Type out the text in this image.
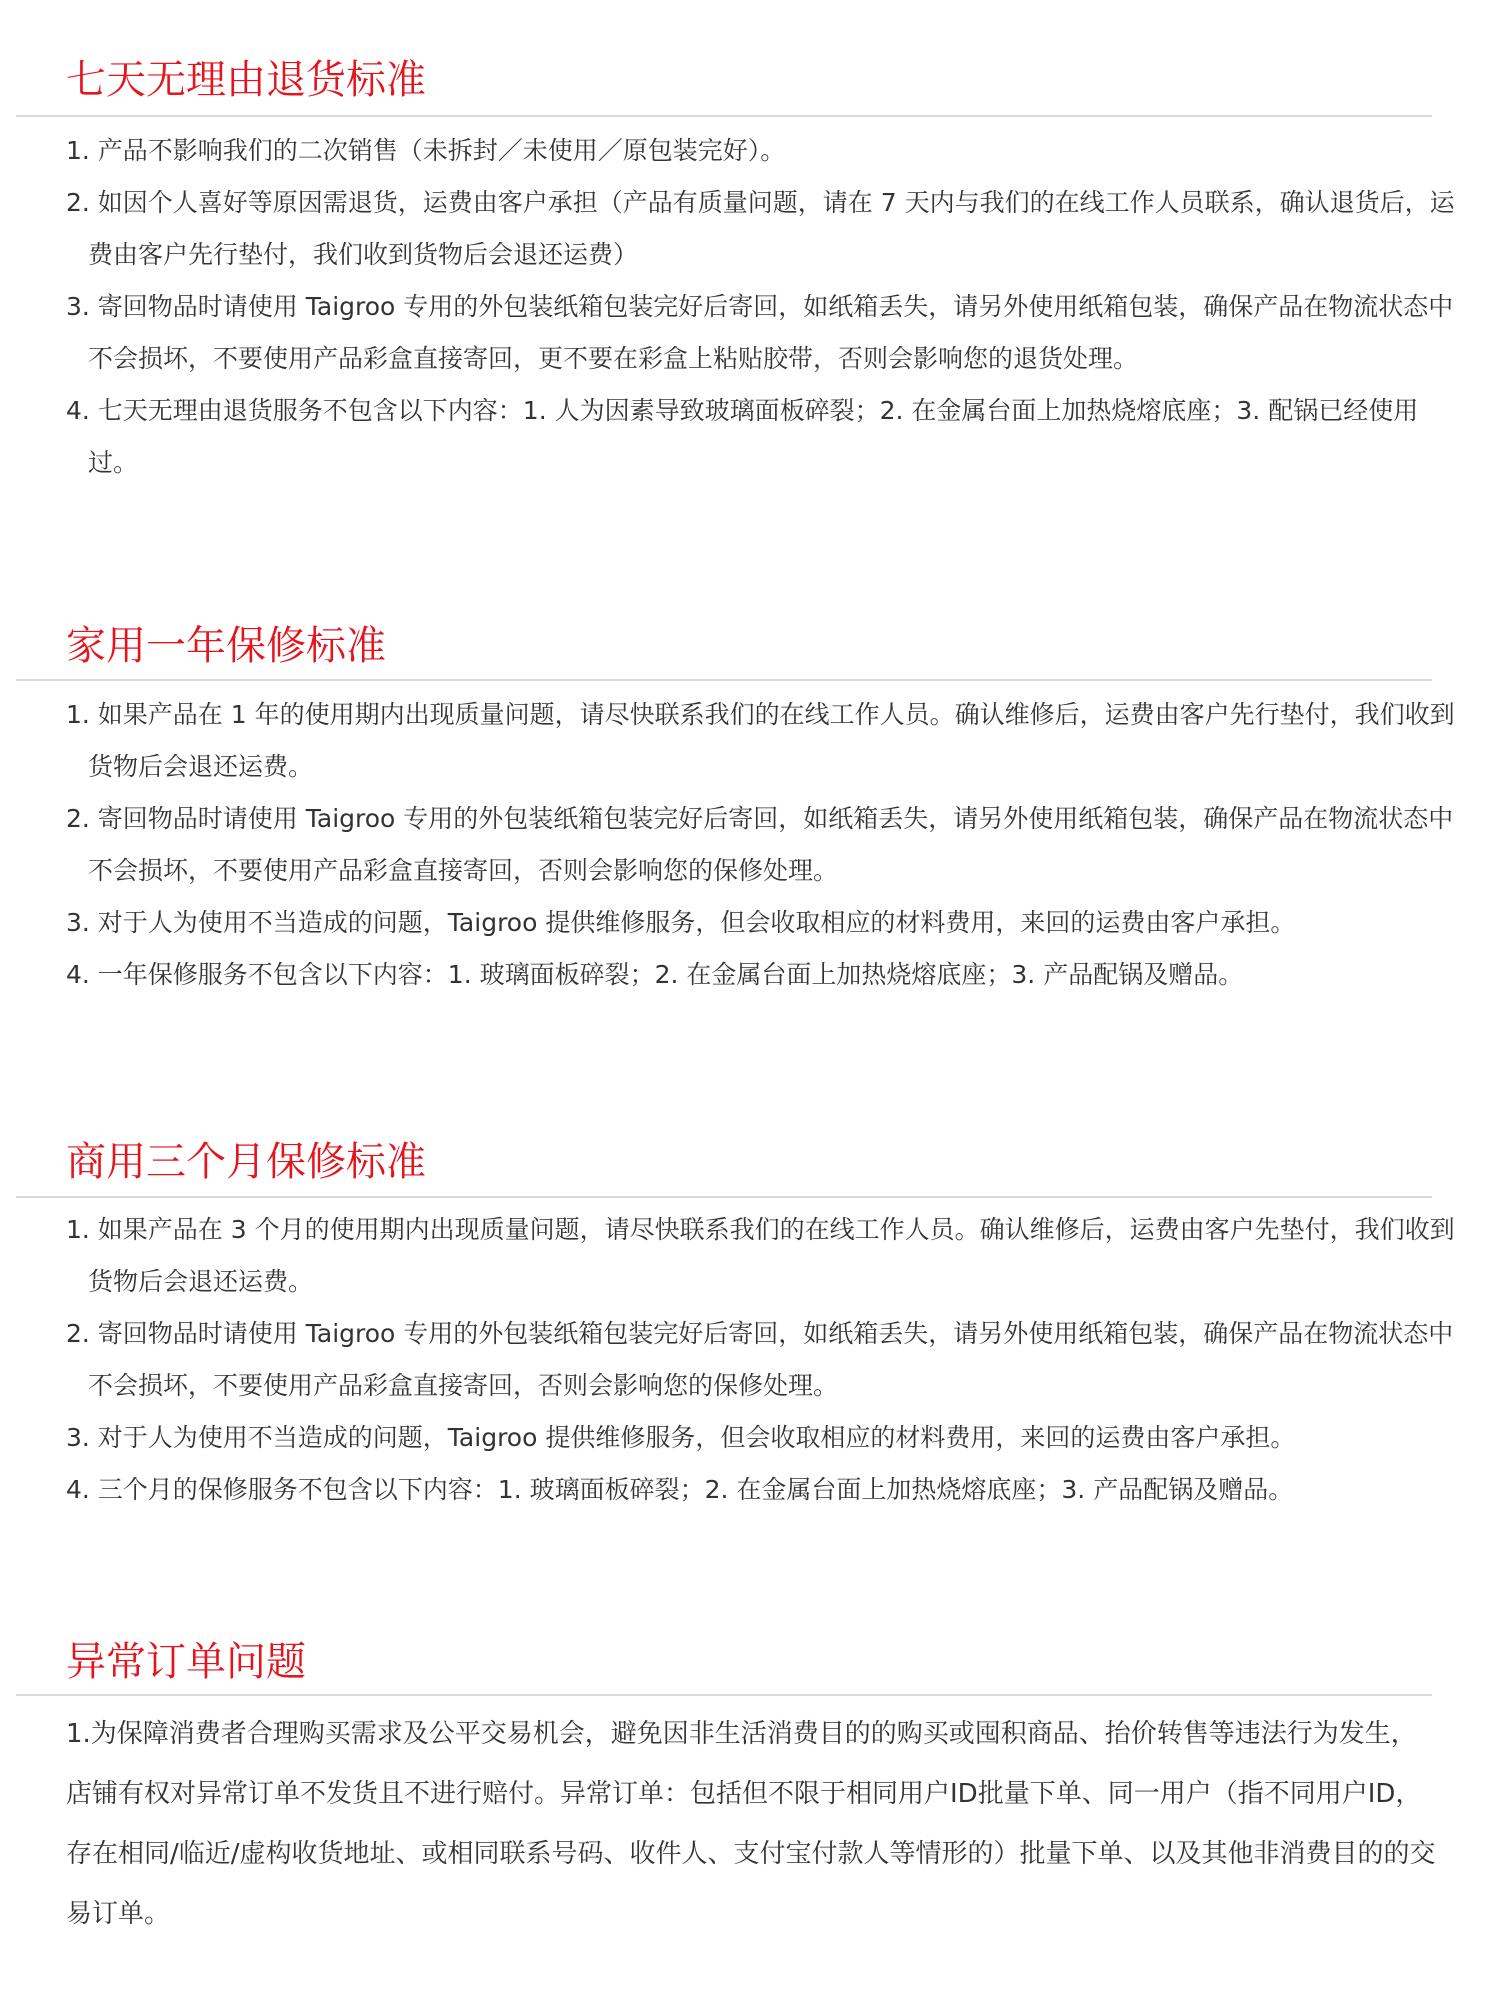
七天无理由退货标准
1. 产品不影响我们的二次销售（未拆封／未使用／原包装完好）。
2. 如因个人喜好等原因需退货，运费由客户承担（产品有质量问题，请在 7 天内与我们的在线工作人员联系，确认退货后，运费由客户先行垫付，我们收到货物后会退还运费）
3. 寄回物品时请使用 Taigroo 专用的外包装纸箱包装完好后寄回，如纸箱丢失，请另外使用纸箱包装，确保产品在物流状态中不会损坏，不要使用产品彩盒直接寄回，更不要在彩盒上粘贴胶带，否则会影响您的退货处理。
4. 七天无理由退货服务不包含以下内容：1. 人为因素导致玻璃面板碎裂；2. 在金属台面上加热烧熔底座；3. 配锅已经使用过。
家用一年保修标准
1. 如果产品在 1 年的使用期内出现质量问题，请尽快联系我们的在线工作人员。确认维修后，运费由客户先行垫付，我们收到货物后会退还运费。
2. 寄回物品时请使用 Taigroo 专用的外包装纸箱包装完好后寄回，如纸箱丢失，请另外使用纸箱包装，确保产品在物流状态中不会损坏，不要使用产品彩盒直接寄回，否则会影响您的保修处理。
3. 对于人为使用不当造成的问题，Taigroo 提供维修服务，但会收取相应的材料费用，来回的运费由客户承担。
4. 一年保修服务不包含以下内容：1. 玻璃面板碎裂；2. 在金属台面上加热烧熔底座；3. 产品配锅及赠品。
商用三个月保修标准
1. 如果产品在 3 个月的使用期内出现质量问题，请尽快联系我们的在线工作人员。确认维修后，运费由客户先垫付，我们收到货物后会退还运费。
2. 寄回物品时请使用 Taigroo 专用的外包装纸箱包装完好后寄回，如纸箱丢失，请另外使用纸箱包装，确保产品在物流状态中不会损坏，不要使用产品彩盒直接寄回，否则会影响您的保修处理。
3. 对于人为使用不当造成的问题，Taigroo 提供维修服务，但会收取相应的材料费用，来回的运费由客户承担。
4. 三个月的保修服务不包含以下内容：1. 玻璃面板碎裂；2. 在金属台面上加热烧熔底座；3. 产品配锅及赠品。
异常订单问题

1.为保障消费者合理购买需求及公平交易机会，避免因非生活消费目的的购买或囤积商品、抬价转售等违法行为发生，店铺有权对异常订单不发货且不进行赔付。异常订单：包括但不限于相同用户ID批量下单、同一用户（指不同用户ID，存在相同/临近/虚构收货地址、或相同联系号码、收件人、支付宝付款人等情形的）批量下单、以及其他非消费目的的交易订单。
